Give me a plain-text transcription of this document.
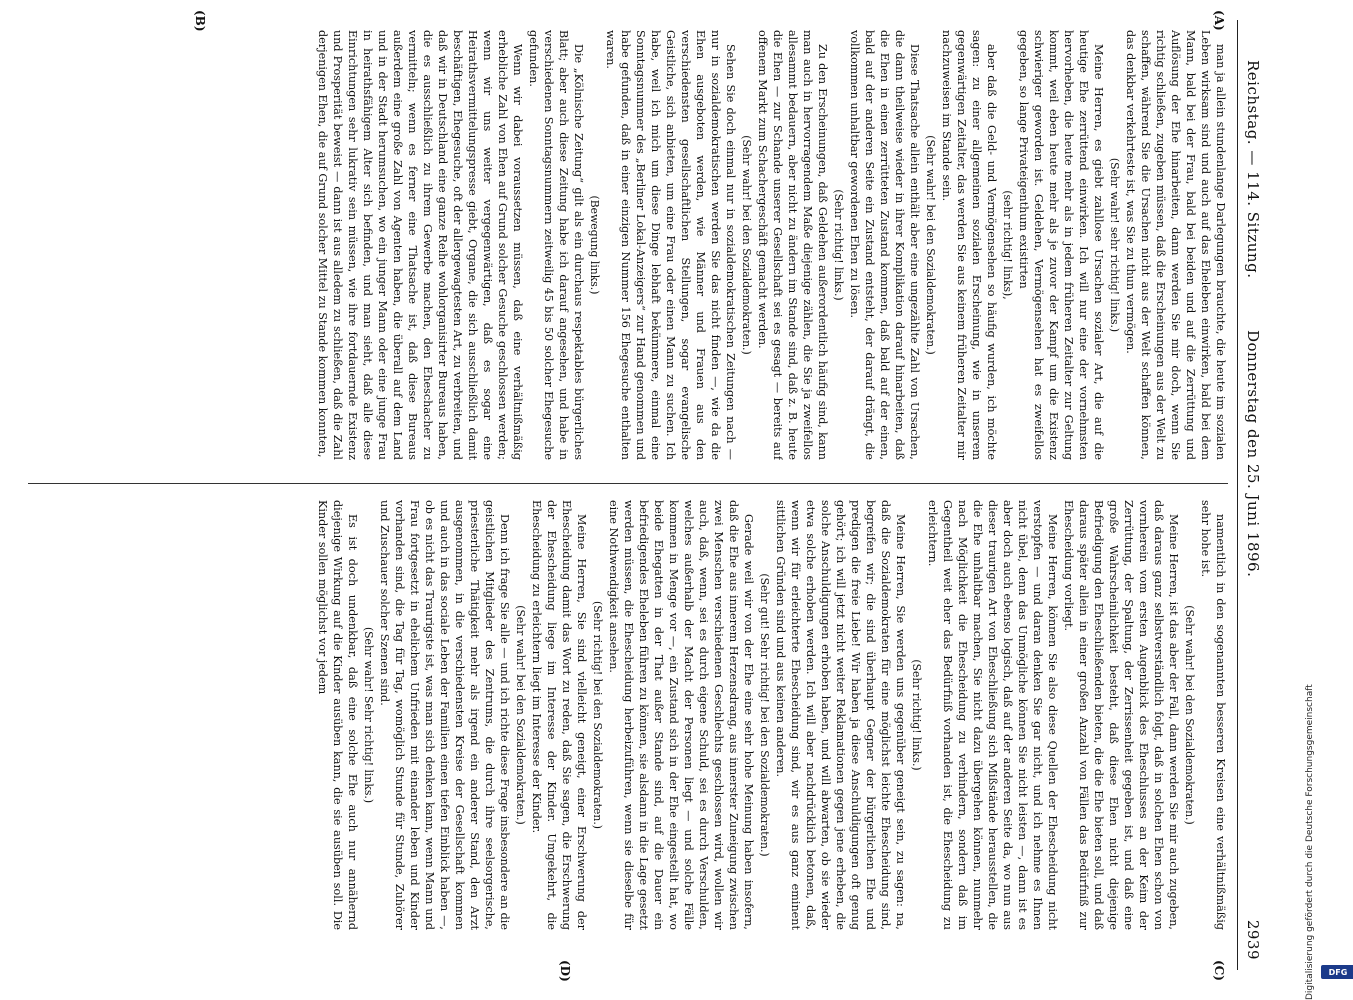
Reichstag. — 114. Sitzung.
Donnerstag den 25. Juni 1896.
2939
(A)
(B)
(C)
(D)

man ja allein stundenlange Darlegungen brauchte, die heute im sozialen Leben wirksam sind und auch auf das Eheleben einwirken, bald bei dem Mann, bald bei der Frau, bald bei beiden und auf die Zerrüttung und Auflösung der Ehe hinarbeiten, dann werden Sie mir doch, wenn Sie richtig schließen, zugeben müssen, daß die Erscheinungen aus der Welt zu schaffen, während Sie die Ursachen nicht aus der Welt schaffen können, das denkbar verkehrteste ist, was Sie zu thun vermögen.

(Sehr wahr! sehr richtig! links.)

Meine Herren, es giebt zahllose Ursachen sozialer Art, die auf die heutige Ehe zerrüttend einwirken. Ich will nur eine der vornehmsten hervorheben, die heute mehr als in jedem früheren Zeitalter zur Geltung kommt, weil eben heute mehr als je zuvor der Kampf um die Existenz schwieriger geworden ist. Geldehen, Vermögensehen hat es zweifellos gegeben, so lange Privateigenthum existirten

(sehr richtig! links),

aber daß die Geld- und Vermögensehen so häufig wurden, ich möchte sagen: zu einer allgemeinen sozialen Erscheinung, wie in unserem gegenwärtigen Zeitalter, das werden Sie aus keinem früheren Zeitalter mir nachzuweisen im Stande sein.

(Sehr wahr! bei den Sozialdemokraten.)

Diese Thatsache allein enthält aber eine ungezählte Zahl von Ursachen, die dann theilweise wieder in ihrer Komplikation darauf hinarbeiten, daß die Ehen in einen zerrütteten Zustand kommen, daß bald auf der einen, bald auf der anderen Seite ein Zustand entsteht, der darauf drängt, die vollkommen unhaltbar gewordenen Ehen zu lösen.

(Sehr richtig! links.)

Zu den Erscheinungen, daß Geldehen außerordentlich häufig sind, kann man auch in hervorragendem Maße diejenige zählen, die Sie ja zweifellos allesammt bedauern, aber nicht zu ändern im Stande sind, daß z. B. heute die Ehen — zur Schande unserer Gesellschaft sei es gesagt — bereits auf offenem Markt zum Schachergeschäft gemacht werden.

(Sehr wahr! bei den Sozialdemokraten.)

Sehen Sie doch einmal nur in sozialdemokratischen Zeitungen nach — nur in sozialdemokratischen werden Sie das nicht finden —, wie da die Ehen ausgeboten werden, wie Männer und Frauen aus den verschiedensten gesellschaftlichen Stellungen, sogar evangelische Geistliche, sich anbieten, um eine Frau oder einen Mann zu suchen. Ich habe, weil ich mich um diese Dinge lebhaft bekümmere, einmal eine Sonntagsnummer des „Berliner Lokal-Anzeigers“ zur Hand genommen und habe gefunden, daß in einer einzigen Nummer 156 Ehegesuche enthalten waren.

(Bewegung links.)

Die „Kölnische Zeitung“ gilt als ein durchaus respektables bürgerliches Blatt; aber auch diese Zeitung habe ich darauf angesehen, und habe in verschiedenen Sonntagsnummern zeitweilig 45 bis 50 solcher Ehegesuche gefunden.

Wenn wir dabei voraussetzen müssen, daß eine verhältnißmäßig erhebliche Zahl von Ehen auf Grund solcher Gesuche geschlossen werden; wenn wir uns weiter vergegenwärtigen, daß es sogar eine Heirathsvermittelungspresse giebt, Organe, die sich ausschließlich damit beschäftigen, Ehegesuche, oft der allergewagtesten Art, zu verbreiten, und daß wir in Deutschland eine ganze Reihe wohlorganisirter Bureaus haben, die es ausschließlich zu ihrem Gewerbe machen, den Eheschacher zu vermitteln; wenn es ferner eine Thatsache ist, daß diese Bureaus außerdem eine große Zahl von Agenten haben, die überall auf dem Land und in der Stadt herumsuchen, wo ein junger Mann oder eine junge Frau in heirathsfähigem Alter sich befinden, und man sieht, daß alle diese Einrichtungen sehr lukrativ sein müssen, wie ihre fortdauernde Existenz und Prosperität beweist — dann ist aus alledem zu schließen, daß die Zahl derjenigen Ehen, die auf Grund solcher Mittel zu Stande kommen konnten,

namentlich in den sogenannten besseren Kreisen eine verhältnißmäßig sehr hohe ist.

(Sehr wahr! bei den Sozialdemokraten.)

Meine Herren, ist das aber der Fall, dann werden Sie mir auch zugeben, daß daraus ganz selbstverständlich folgt, daß in solchen Ehen schon von vornherein vom ersten Augenblick des Eheschlusses an der Keim der Zerrüttung, der Spaltung, der Zerrissenheit gegeben ist, und daß eine große Wahrscheinlichkeit besteht, daß diese Ehen nicht diejenige Befriedigung den Eheschließenden bieten, die die Ehe bieten soll, und daß daraus später allein in einer großen Anzahl von Fällen das Bedürfniß zur Ehescheidung vorliegt.

Meine Herren, können Sie also diese Quellen der Ehescheidung nicht verstopfen — und daran denken Sie gar nicht, und ich nehme es Ihnen nicht übel, denn das Unmögliche können Sie nicht leisten —, dann ist es aber doch auch ebenso logisch, daß auf der anderen Seite da, wo nun aus dieser traurigen Art von Eheschließung sich Mißstände herausstellen, die die Ehe unhaltbar machen, Sie nicht dazu übergehen können, nunmehr nach Möglichkeit die Ehescheidung zu verhindern, sondern daß im Gegentheil weit eher das Bedürfniß vorhanden ist, die Ehescheidung zu erleichtern.

(Sehr richtig! links.)

Meine Herren, Sie werden uns gegenüber geneigt sein, zu sagen: na, daß die Sozialdemokraten für eine möglichst leichte Ehescheidung sind, begreifen wir; die sind überhaupt Gegner der bürgerlichen Ehe und predigen die freie Liebe! Wir haben ja diese Anschuldigungen oft genug gehört; ich will jetzt nicht weiter Reklamationen gegen jene erheben, die solche Anschuldigungen erhoben haben, und will abwarten, ob sie wieder etwa solche erhoben werden. Ich will aber nachdrücklich betonen, daß, wenn wir für erleichterte Ehescheidung sind, wir es aus ganz eminent sittlichen Gründen sind und aus keinen anderen.

(Sehr gut! Sehr richtig! bei den Sozialdemokraten.)

Gerade weil wir von der Ehe eine sehr hohe Meinung haben insofern, daß die Ehe aus innerem Herzensdrang, aus innerster Zuneigung zwischen zwei Menschen verschiedenen Geschlechts geschlossen wird, wollen wir auch, daß, wenn, sei es durch eigene Schuld, sei es durch Verschulden, welches außerhalb der Macht der Personen liegt — und solche Fälle kommen in Menge vor —, ein Zustand sich in der Ehe eingestellt hat, wo beide Ehegatten in der That außer Stande sind, auf die Dauer ein befriedigendes Eheleben führen zu können, sie alsdann in die Lage gesetzt werden müssen, die Ehescheidung herbeizuführen, wenn sie dieselbe für eine Nothwendigkeit ansehen.

(Sehr richtig! bei den Sozialdemokraten.)

Meine Herren, Sie sind vielleicht geneigt, einer Erschwerung der Ehescheidung damit das Wort zu reden, daß Sie sagen, die Erschwerung der Ehescheidung liege im Interesse der Kinder. Umgekehrt, die Ehescheidung zu erleichtern liegt im Interesse der Kinder.

(Sehr wahr! bei den Sozialdemokraten.)

Denn ich frage Sie alle — und ich richte diese Frage insbesondere an die geistlichen Mitglieder des Zentrums, die durch ihre seelsorgerische, priesterliche Thätigkeit mehr als irgend ein anderer Stand, den Arzt ausgenommen, in die verschiedensten Kreise der Gesellschaft kommen und auch in das sociale Leben der Familien einen tiefen Einblick haben —, ob es nicht das Traurigste ist, was man sich denken kann, wenn Mann und Frau fortgesetzt in ehelichem Unfrieden mit einander leben und Kinder vorhanden sind, die Tag für Tag, womöglich Stunde für Stunde, Zuhörer und Zuschauer solcher Szenen sind.

(Sehr wahr! Sehr richtig! links.)

Es ist doch undenkbar, daß eine solche Ehe auch nur annähernd diejenige Wirkung auf die Kinder ausüben kann, die sie ausüben soll. Die Kinder sollen möglichst vor jedem

Digitalisierung gefördert durch die Deutsche Forschungsgemeinschaft	DFG
